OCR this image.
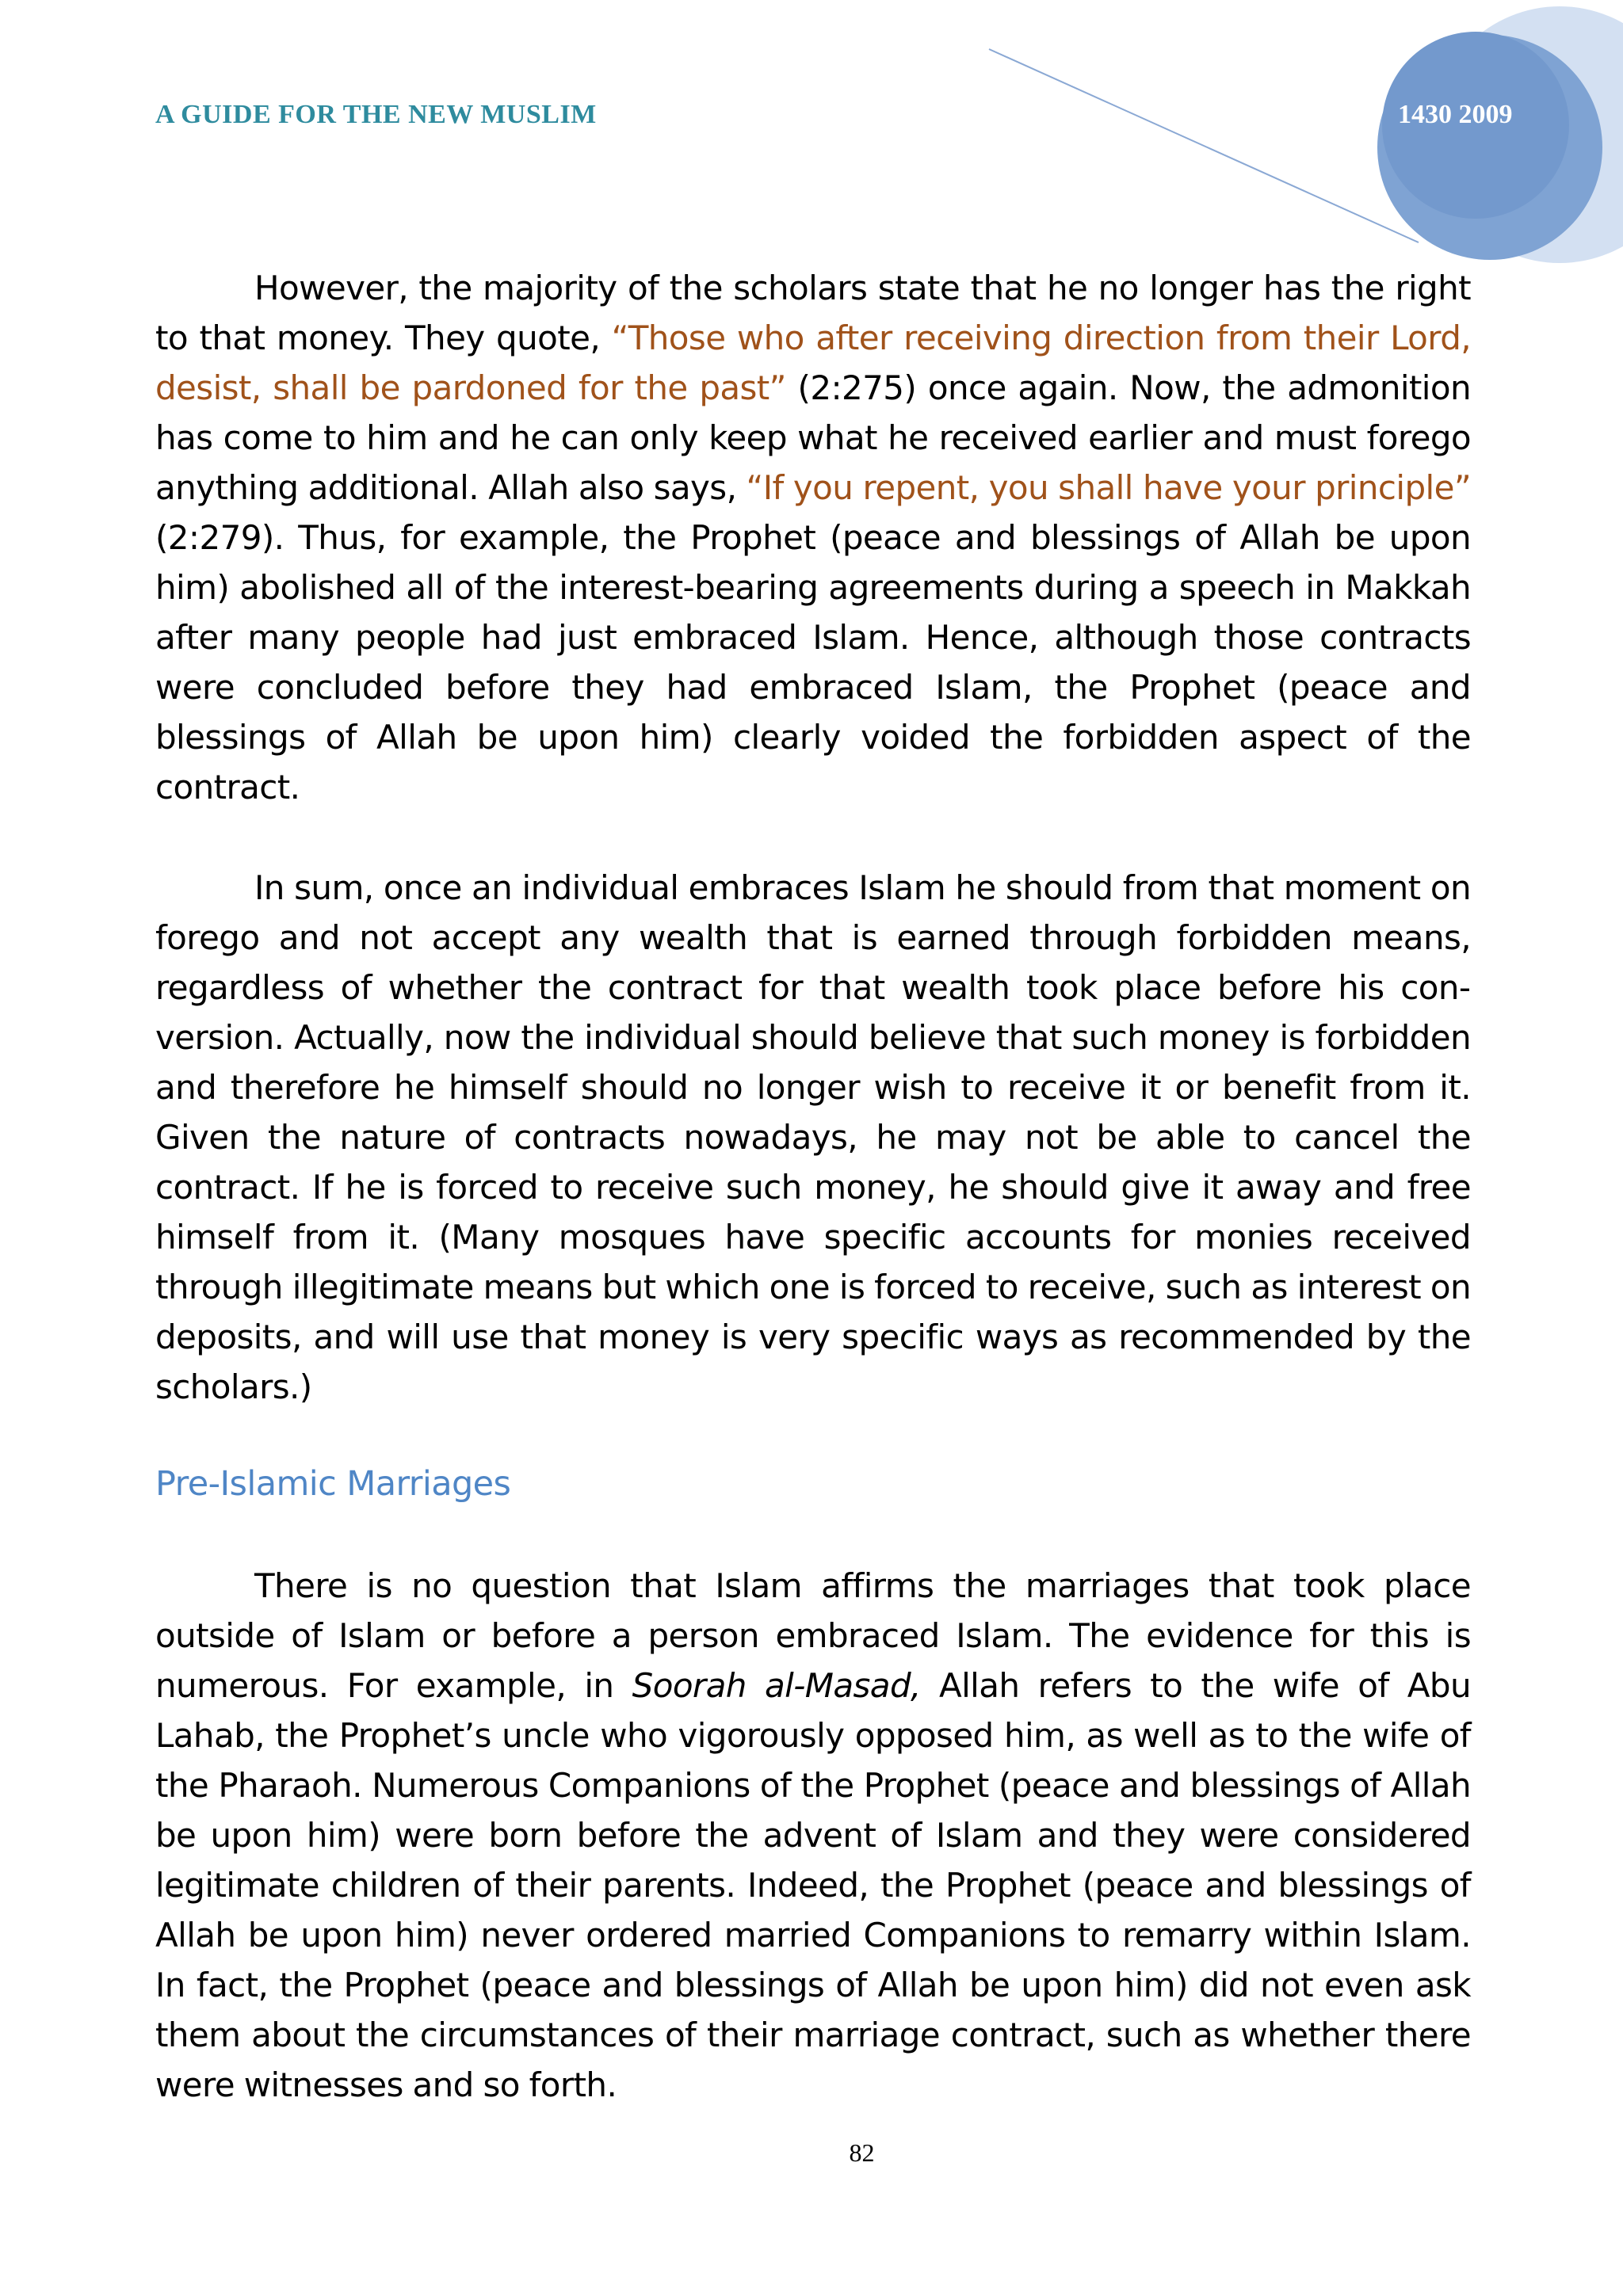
A GUIDE FOR THE NEW MUSLIM	1430 2009

However, the majority of the scholars state that he no longer has the right to that money. They quote, “Those who after receiving direction from their Lord, desist, shall be pardoned for the past” (2:275) once again. Now, the admonition has come to him and he can only keep what he received earlier and must forego anything additional. Allah also says, “If you repent, you shall have your principle” (2:279). Thus, for example, the Prophet (peace and blessings of Allah be upon him) abolished all of the interest-bearing agreements during a speech in Makkah after many people had just embraced Islam. Hence, although those contracts were concluded before they had embraced Islam, the Prophet (peace and blessings of Allah be upon him) clearly voided the forbidden aspect of the contract.

In sum, once an individual embraces Islam he should from that moment on forego and not accept any wealth that is earned through forbidden means, regardless of whether the contract for that wealth took place before his conversion. Actually, now the individual should believe that such money is forbidden and therefore he himself should no longer wish to receive it or benefit from it. Given the nature of contracts nowadays, he may not be able to cancel the contract. If he is forced to receive such money, he should give it away and free himself from it. (Many mosques have specific accounts for monies received through illegitimate means but which one is forced to receive, such as interest on deposits, and will use that money is very specific ways as recommended by the scholars.)

Pre-Islamic Marriages

There is no question that Islam affirms the marriages that took place outside of Islam or before a person embraced Islam. The evidence for this is numerous. For example, in Soorah al-Masad, Allah refers to the wife of Abu Lahab, the Prophet’s uncle who vigorously opposed him, as well as to the wife of the Pharaoh. Numerous Companions of the Prophet (peace and blessings of Allah be upon him) were born before the advent of Islam and they were considered legitimate children of their parents. Indeed, the Prophet (peace and blessings of Allah be upon him) never ordered married Companions to remarry within Islam. In fact, the Prophet (peace and blessings of Allah be upon him) did not even ask them about the circumstances of their marriage contract, such as whether there were witnesses and so forth.

82
